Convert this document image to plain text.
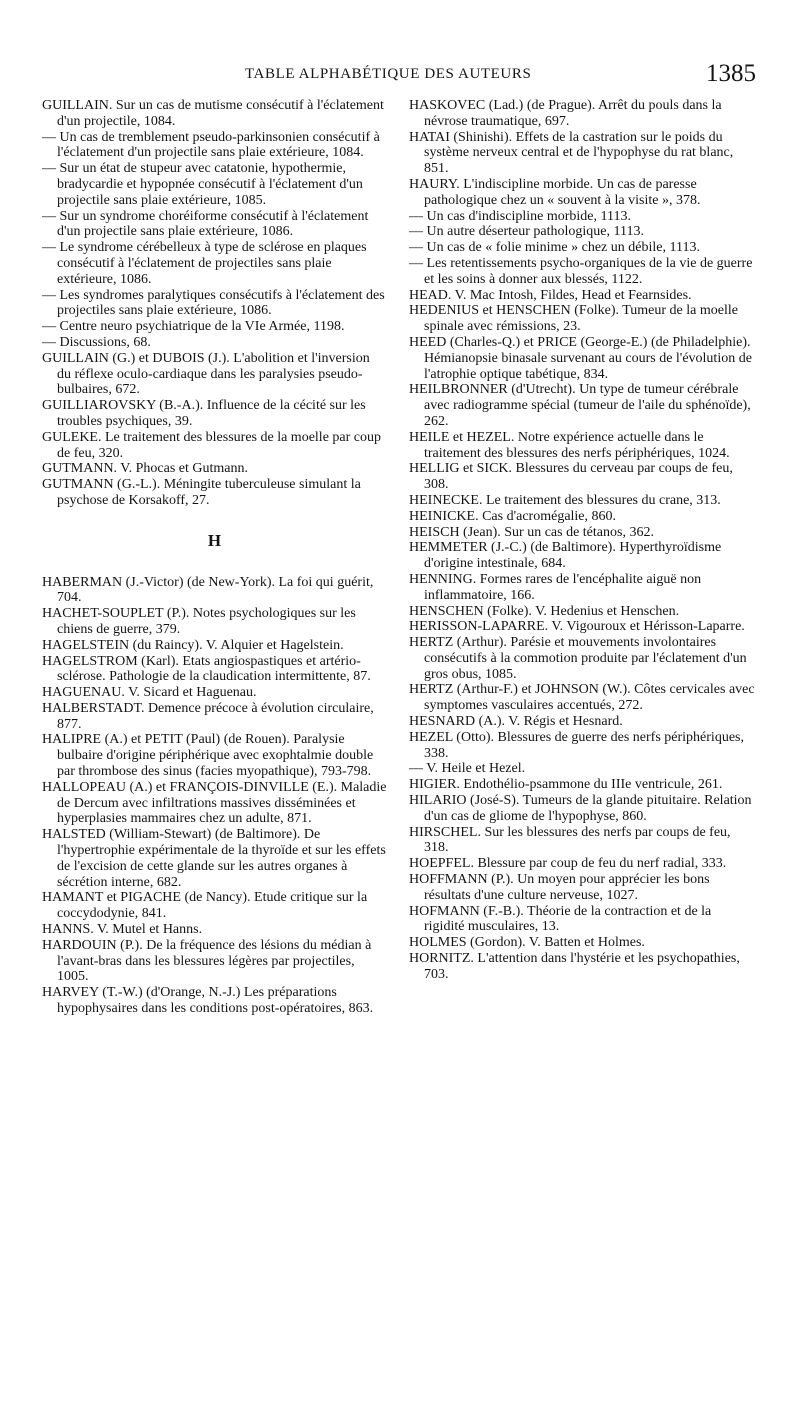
TABLE ALPHABÉTIQUE DES AUTEURS	1385

GUILLAIN. Sur un cas de mutisme consécutif à l'éclatement d'un projectile, 1084.

— Un cas de tremblement pseudo-parkinsonien consécutif à l'éclatement d'un projectile sans plaie extérieure, 1084.

— Sur un état de stupeur avec catatonie, hypothermie, bradycardie et hypopnée consécutif à l'éclatement d'un projectile sans plaie extérieure, 1085.

— Sur un syndrome choréiforme consécutif à l'éclatement d'un projectile sans plaie extérieure, 1086.

— Le syndrome cérébelleux à type de sclérose en plaques consécutif à l'éclatement de projectiles sans plaie extérieure, 1086.

— Les syndromes paralytiques consécutifs à l'éclatement des projectiles sans plaie extérieure, 1086.

— Centre neuro psychiatrique de la VIe Armée, 1198.

— Discussions, 68.

GUILLAIN (G.) et DUBOIS (J.). L'abolition et l'inversion du réflexe oculo-cardiaque dans les paralysies pseudo-bulbaires, 672.

GUILLIAROVSKY (B.-A.). Influence de la cécité sur les troubles psychiques, 39.

GULEKE. Le traitement des blessures de la moelle par coup de feu, 320.

GUTMANN. V. Phocas et Gutmann.

GUTMANN (G.-L.). Méningite tuberculeuse simulant la psychose de Korsakoff, 27.

H

HABERMAN (J.-Victor) (de New-York). La foi qui guérit, 704.

HACHET-SOUPLET (P.). Notes psychologiques sur les chiens de guerre, 379.

HAGELSTEIN (du Raincy). V. Alquier et Hagelstein.

HAGELSTROM (Karl). Etats angiospastiques et artério-sclérose. Pathologie de la claudication intermittente, 87.

HAGUENAU. V. Sicard et Haguenau.

HALBERSTADT. Demence précoce à évolution circulaire, 877.

HALIPRE (A.) et PETIT (Paul) (de Rouen). Paralysie bulbaire d'origine périphérique avec exophtalmie double par thrombose des sinus (facies myopathique), 793-798.

HALLOPEAU (A.) et FRANÇOIS-DINVILLE (E.). Maladie de Dercum avec infiltrations massives disséminées et hyperplasies mammaires chez un adulte, 871.

HALSTED (William-Stewart) (de Baltimore). De l'hypertrophie expérimentale de la thyroïde et sur les effets de l'excision de cette glande sur les autres organes à sécrétion interne, 682.

HAMANT et PIGACHE (de Nancy). Etude critique sur la coccydodynie, 841.

HANNS. V. Mutel et Hanns.

HARDOUIN (P.). De la fréquence des lésions du médian à l'avant-bras dans les blessures légères par projectiles, 1005.

HARVEY (T.-W.) (d'Orange, N.-J.) Les préparations hypophysaires dans les conditions post-opératoires, 863.

HASKOVEC (Lad.) (de Prague). Arrêt du pouls dans la névrose traumatique, 697.

HATAI (Shinishi). Effets de la castration sur le poids du système nerveux central et de l'hypophyse du rat blanc, 851.

HAURY. L'indiscipline morbide. Un cas de paresse pathologique chez un « souvent à la visite », 378.

— Un cas d'indiscipline morbide, 1113.

— Un autre déserteur pathologique, 1113.

— Un cas de « folie minime » chez un débile, 1113.

— Les retentissements psycho-organiques de la vie de guerre et les soins à donner aux blessés, 1122.

HEAD. V. Mac Intosh, Fildes, Head et Fearnsides.

HEDENIUS et HENSCHEN (Folke). Tumeur de la moelle spinale avec rémissions, 23.

HEED (Charles-Q.) et PRICE (George-E.) (de Philadelphie). Hémianopsie binasale survenant au cours de l'évolution de l'atrophie optique tabétique, 834.

HEILBRONNER (d'Utrecht). Un type de tumeur cérébrale avec radiogramme spécial (tumeur de l'aile du sphénoïde), 262.

HEILE et HEZEL. Notre expérience actuelle dans le traitement des blessures des nerfs périphériques, 1024.

HELLIG et SICK. Blessures du cerveau par coups de feu, 308.

HEINECKE. Le traitement des blessures du crane, 313.

HEINICKE. Cas d'acromégalie, 860.

HEISCH (Jean). Sur un cas de tétanos, 362.

HEMMETER (J.-C.) (de Baltimore). Hyperthyroïdisme d'origine intestinale, 684.

HENNING. Formes rares de l'encéphalite aiguë non inflammatoire, 166.

HENSCHEN (Folke). V. Hedenius et Henschen.

HERISSON-LAPARRE. V. Vigouroux et Hérisson-Laparre.

HERTZ (Arthur). Parésie et mouvements involontaires consécutifs à la commotion produite par l'éclatement d'un gros obus, 1085.

HERTZ (Arthur-F.) et JOHNSON (W.). Côtes cervicales avec symptomes vasculaires accentués, 272.

HESNARD (A.). V. Régis et Hesnard.

HEZEL (Otto). Blessures de guerre des nerfs périphériques, 338.

— V. Heile et Hezel.

HIGIER. Endothélio-psammone du IIIe ventricule, 261.

HILARIO (José-S). Tumeurs de la glande pituitaire. Relation d'un cas de gliome de l'hypophyse, 860.

HIRSCHEL. Sur les blessures des nerfs par coups de feu, 318.

HOEPFEL. Blessure par coup de feu du nerf radial, 333.

HOFFMANN (P.). Un moyen pour apprécier les bons résultats d'une culture nerveuse, 1027.

HOFMANN (F.-B.). Théorie de la contraction et de la rigidité musculaires, 13.

HOLMES (Gordon). V. Batten et Holmes.

HORNITZ. L'attention dans l'hystérie et les psychopathies, 703.
